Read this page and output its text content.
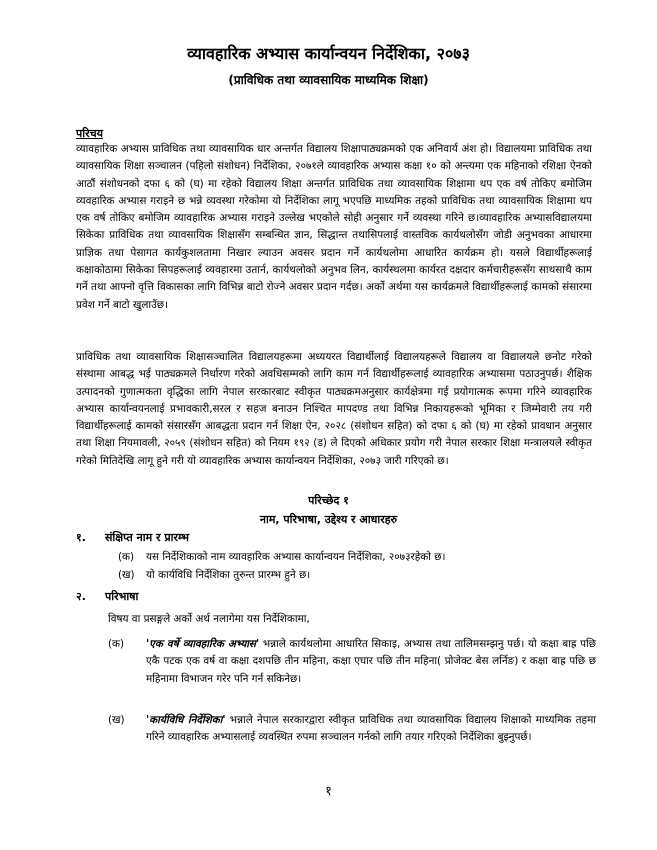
व्यावहारिक अभ्यास कार्यान्वयन निर्देशिका, २०७३
(प्राविधिक तथा व्यावसायिक माध्यमिक शिक्षा)
परिचय

व्यावहारिक अभ्यास प्राविधिक तथा व्यावसायिक धार अन्तर्गत विद्यालय शिक्षापाठ्यक्रमको एक अनिवार्य अंश हो। विद्यालयमा प्राविधिक तथा व्यावसायिक शिक्षा सञ्चालन (पहिलो संशोधन) निर्देशिका, २०७१ले व्यावहारिक अभ्यास कक्षा १० को अन्त्यमा एक महिनाको रशिक्षा ऐनको आठौं संशोधनको दफा ६ को (घ) मा रहेको विद्यालय शिक्षा अन्तर्गत प्राविधिक तथा व्यावसायिक शिक्षामा थप एक वर्ष तोकिए बमोजिम व्यवहारिक अभ्यास गराइने छ भन्ने व्यवस्था गरेकोमा यो निर्देशिका लागू भएपछि माध्यमिक तहको प्राविधिक तथा व्यावसायिक शिक्षामा थप एक वर्ष तोकिए बमोजिम व्यावहारिक अभ्यास गराइने उल्लेख भएकोले सोही अनुसार गर्ने व्यवस्था गरिने छ।व्यावहारिक अभ्यासविद्यालयमा सिकेका प्राविधिक तथा व्यावसायिक शिक्षासँग सम्बन्धित ज्ञान, सिद्धान्त तथासिपलाई वास्तविक कार्यथलोसँग जोडी अनुभवका आधारमा प्राज्ञिक तथा पेसागत कार्यकुशलतामा निखार ल्याउन अवसर प्रदान गर्ने कार्यथलोमा आधारित कार्यक्रम हो। यसले विद्यार्थीहरूलाई कक्षाकोठामा सिकेका सिपहरूलाई व्यवहारमा उतार्न, कार्यथलोको अनुभव लिन, कार्यस्थलमा कार्यरत दक्षदार कर्मचारीहरूसँग साथसाथै काम गर्ने तथा आफ्नो वृत्ति विकासका लागि विभिन्न बाटो रोज्ने अवसर प्रदान गर्दछ। अर्को अर्थमा यस कार्यक्रमले विद्यार्थीहरूलाई कामको संसारमा प्रवेश गर्ने बाटो खुलाउँछ।

प्राविधिक तथा व्यावसायिक शिक्षासञ्चालित विद्यालयहरूमा अध्ययरत विद्यार्थीलाई विद्यालयहरूले विद्यालय वा विद्यालयले छनोट गरेको संस्थामा आबद्ध भई पाठ्यक्रमले निर्धारण गरेको अवधिसम्मको लागि काम गर्न विद्यार्थीहरूलाई व्यावहारिक अभ्यासमा पठाउनुपर्छ। शैक्षिक उत्पादनको गुणात्मकता वृद्धिका लागि नेपाल सरकारबाट स्वीकृत पाठ्यक्रमअनुसार कार्यक्षेत्रमा गई प्रयोगात्मक रूपमा गरिने व्यावहारिक अभ्यास कार्यान्वयनलाई प्रभावकारी,सरल र सहज बनाउन निश्चित मापदण्ड तथा विभिन्न निकायहरूको भूमिका र जिम्मेवारी तय गरी विद्यार्थीहरूलाई कामको संसारसँग आबद्धता प्रदान गर्न शिक्षा ऐन, २०२८ (संशोधन सहित) को दफा ६ को (घ) मा रहेको प्रावधान अनुसार तथा शिक्षा नियमावली, २०५९ (संशोधन सहित) को नियम १९२ (ड) ले दिएको अधिकार प्रयोग गरी नेपाल सरकार शिक्षा मन्त्रालयले स्वीकृत गरेको मितिदेखि लागू हुने गरी यो व्यावहारिक अभ्यास कार्यान्वयन निर्देशिका, २०७३ जारी गरिएको छ।

परिच्छेद १
नाम, परिभाषा, उद्देश्य र आधारहरु
१. संक्षिप्त नाम र प्रारम्भ
(क) यस निर्देशिकाको नाम व्यावहारिक अभ्यास कार्यान्वयन निर्देशिका, २०७३रहेको छ।
(ख) यो कार्यविधि निर्देशिका तुरुन्त प्रारम्भ हुने छ।
२. परिभाषा
विषय वा प्रसङ्गले अर्को अर्थ नलागेमा यस निर्देशिकामा,
(क) 'एक वर्षे व्यावहारिक अभ्यास' भन्नाले कार्यथलोमा आधारित सिकाइ, अभ्यास तथा तालिमसम्झनु पर्छ। यो कक्षा बाह्र पछि एकै पटक एक वर्ष वा कक्षा दशपछि तीन महिना, कक्षा एघार पछि तीन महिना( प्रोजेक्ट बेस लर्निङ) र कक्षा बाह्र पछि छ महिनामा विभाजन गरेर पनि गर्न सकिनेछ।
(ख) 'कार्यविधि निर्देशिका' भन्नाले नेपाल सरकारद्वारा स्वीकृत प्राविधिक तथा व्यावसायिक विद्यालय शिक्षाको माध्यमिक तहमा गरिने व्यावहारिक अभ्यासलाई व्यवस्थित रुपमा सञ्चालन गर्नको लागि तयार गरिएको निर्देशिका बुझ्नुपर्छ।
१
